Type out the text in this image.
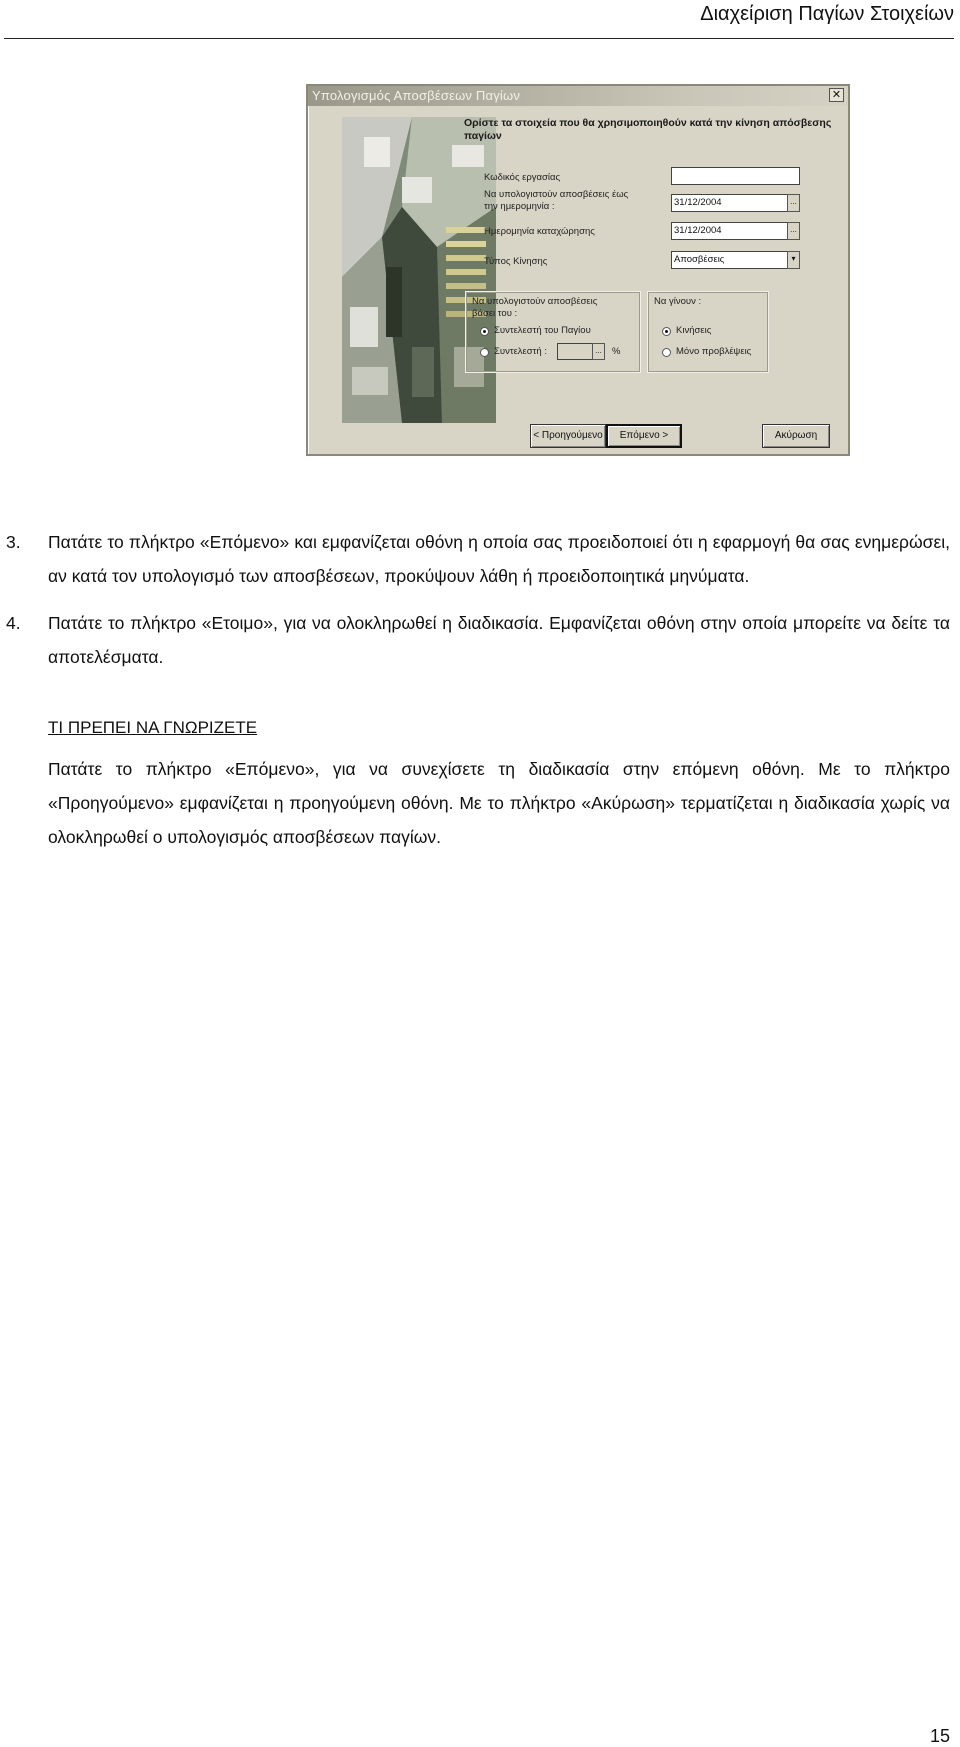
Διαχείριση Παγίων Στοιχείων
Υπολογισμός Αποσβέσεων Παγίων	✕
Ορίστε τα στοιχεία που θα χρησιμοποιηθούν κατά την κίνηση απόσβεσης παγίων
Κωδικός εργασίας
Να υπολογιστούν αποσβέσεις έως την ημερομηνία :	31/12/2004	...
Ημερομηνία καταχώρησης	31/12/2004	...
Τύπος Κίνησης	Αποσβέσεις	▾
Να υπολογιστούν αποσβέσεις βάσει του :
Συντελεστή του Παγίου
Συντελεστή :	...	%
Να γίνουν :
Κινήσεις
Μόνο προβλέψεις
< Προηγούμενο	Επόμενο >	Ακύρωση
3. Πατάτε το πλήκτρο «Επόμενο» και εμφανίζεται οθόνη η οποία σας προειδοποιεί ότι η εφαρμογή θα σας ενημερώσει, αν κατά τον υπολογισμό των αποσβέσεων, προκύψουν λάθη ή προειδοποιητικά μηνύματα.
4. Πατάτε το πλήκτρο «Ετοιμο», για να ολοκληρωθεί η διαδικασία. Εμφανίζεται οθόνη στην οποία μπορείτε να δείτε τα αποτελέσματα.
ΤΙ ΠΡΕΠΕΙ ΝΑ ΓΝΩΡΙΖΕΤΕ
Πατάτε το πλήκτρο «Επόμενο», για να συνεχίσετε τη διαδικασία στην επόμενη οθόνη. Με το πλήκτρο «Προηγούμενο» εμφανίζεται η προηγούμενη οθόνη. Με το πλήκτρο «Ακύρωση» τερματίζεται η διαδικασία χωρίς να ολοκληρωθεί ο υπολογισμός αποσβέσεων παγίων.
15
